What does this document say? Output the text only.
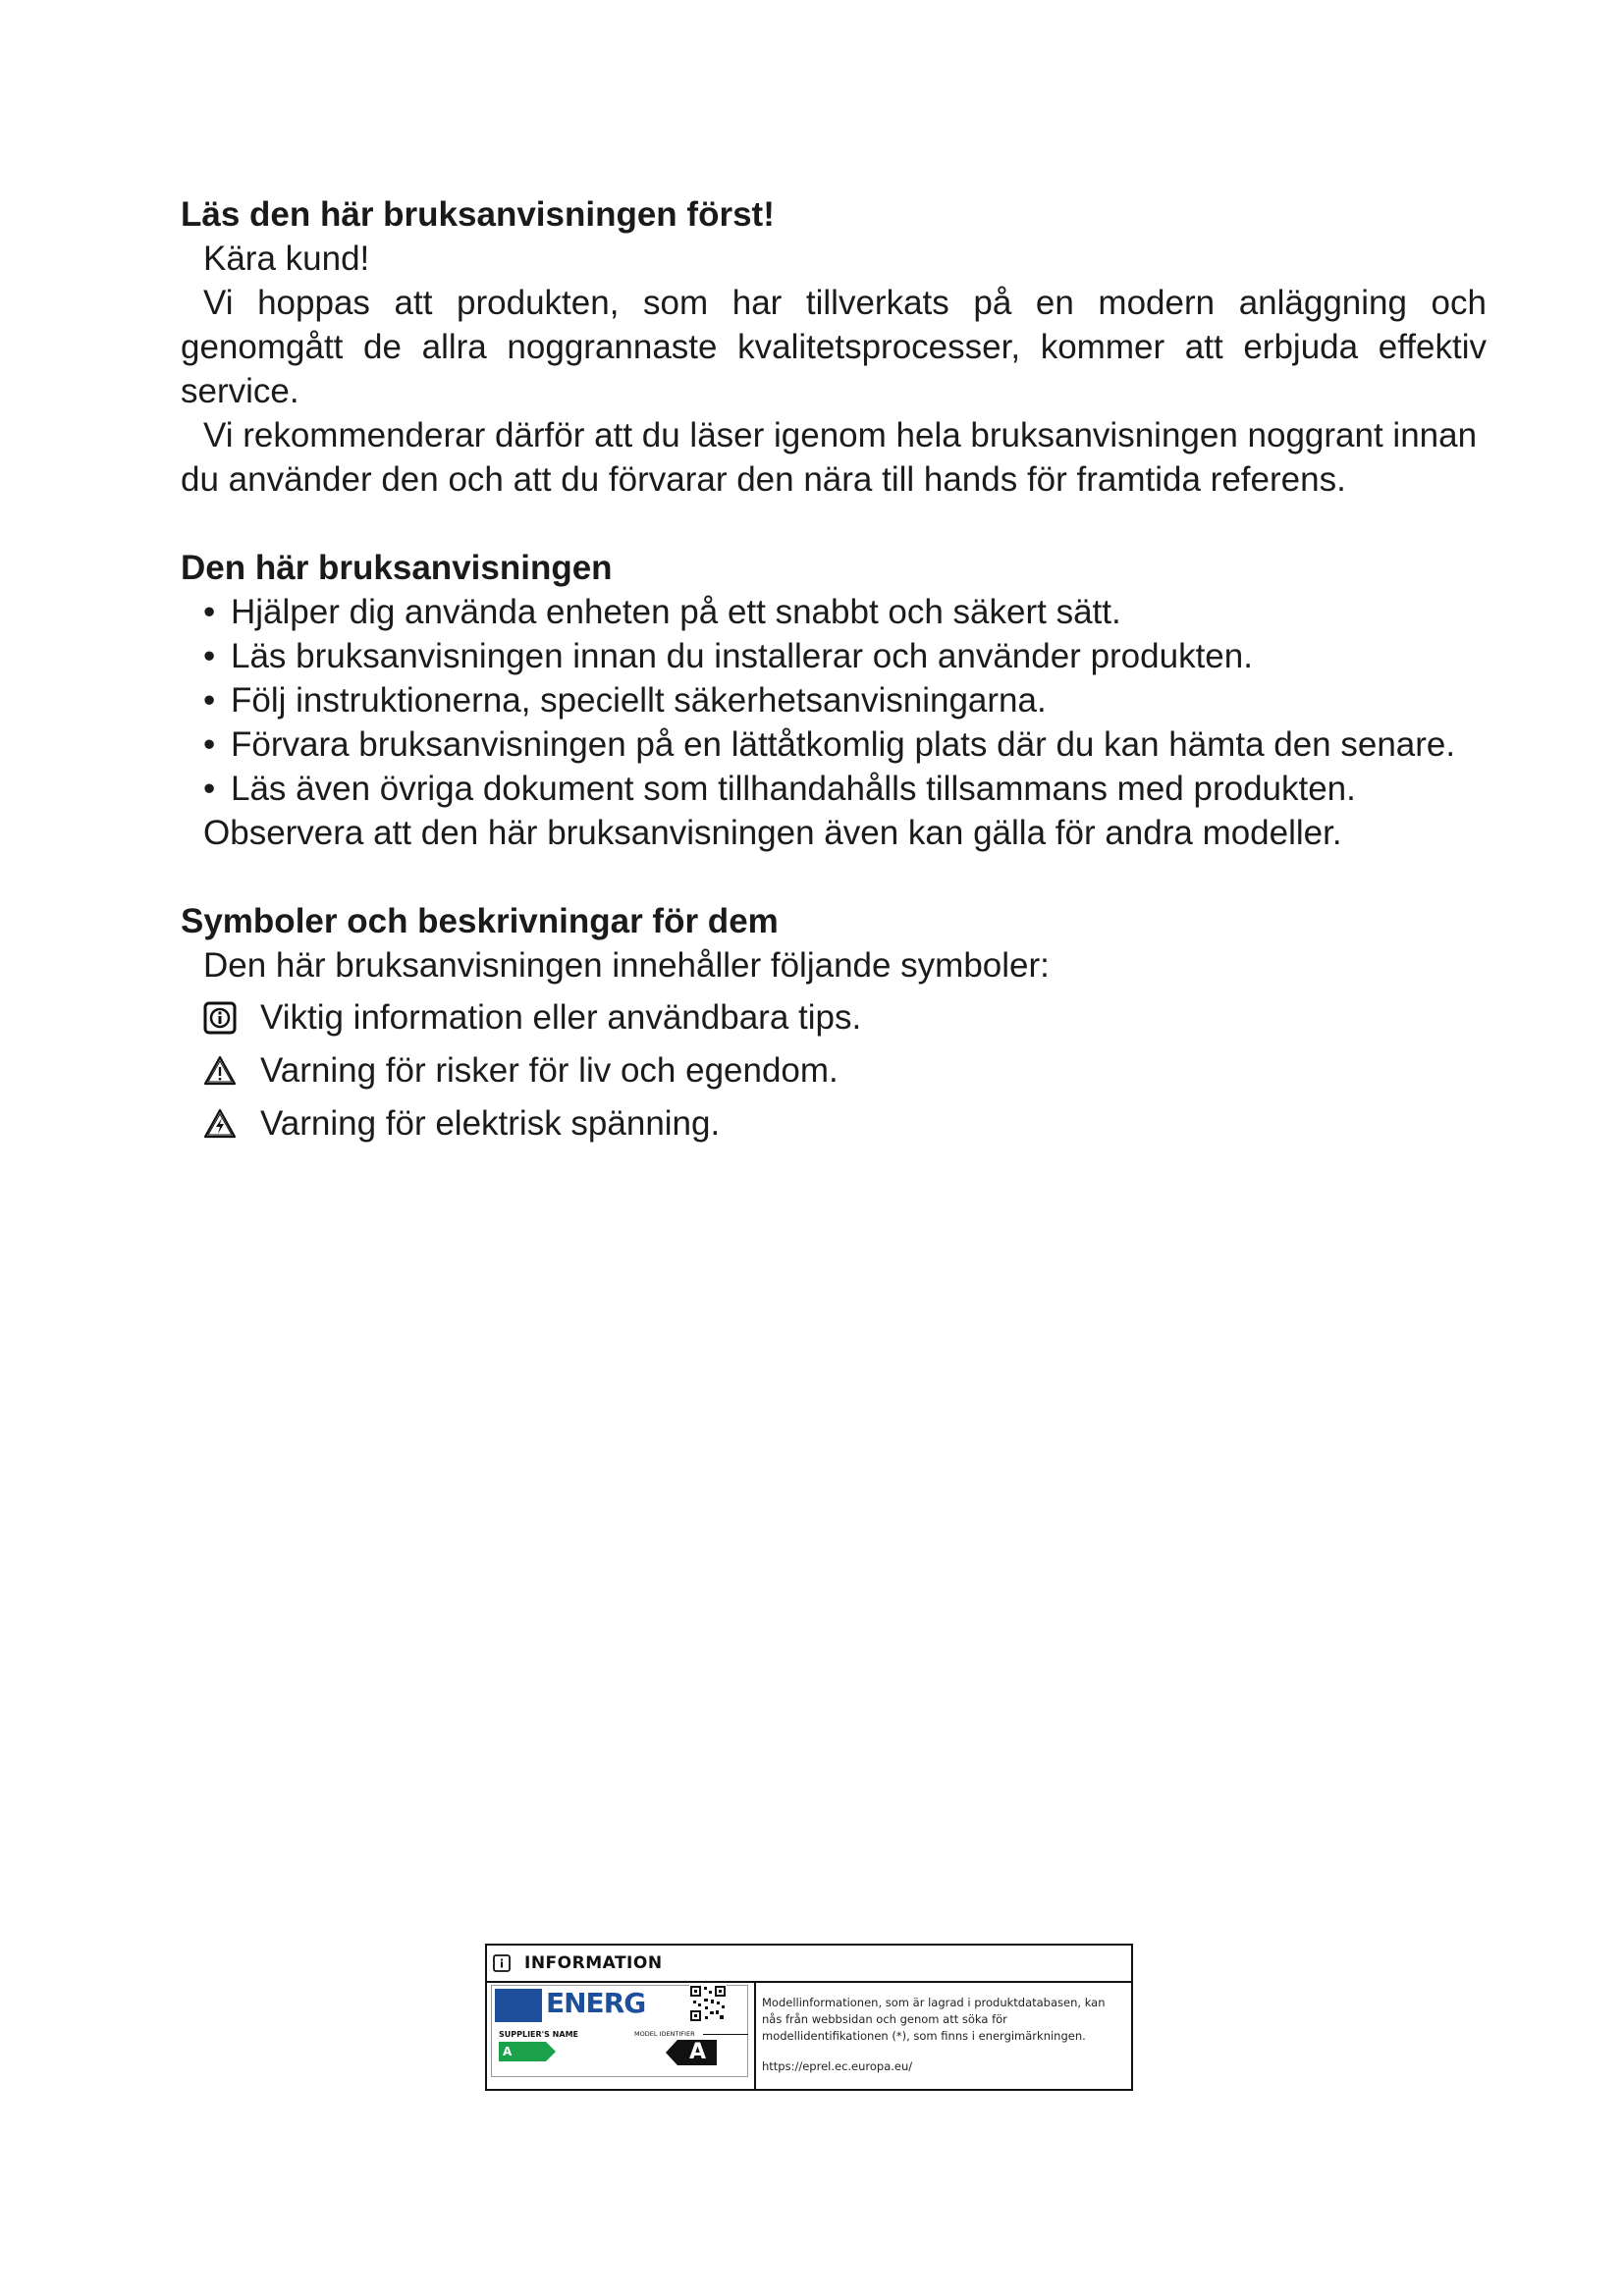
Läs den här bruksanvisningen först!

Kära kund!

Vi hoppas att produkten, som har tillverkats på en modern anläggning och genomgått de allra noggrannaste kvalitetsprocesser, kommer att erbjuda effektiv service.

Vi rekommenderar därför att du läser igenom hela bruksanvisningen noggrant innan du använder den och att du förvarar den nära till hands för framtida referens.

Den här bruksanvisningen
• Hjälper dig använda enheten på ett snabbt och säkert sätt.
• Läs bruksanvisningen innan du installerar och använder produkten.
• Följ instruktionerna, speciellt säkerhetsanvisningarna.
• Förvara bruksanvisningen på en lättåtkomlig plats där du kan hämta den senare.
• Läs även övriga dokument som tillhandahålls tillsammans med produkten.

Observera att den här bruksanvisningen även kan gälla för andra modeller.

Symboler och beskrivningar för dem

Den här bruksanvisningen innehåller följande symboler:

Viktig information eller användbara tips.
Varning för risker för liv och egendom.
Varning för elektrisk spänning.
INFORMATION
ENERG
SUPPLIER'S NAME	MODEL IDENTIFIER
A	A
Modellinformationen, som är lagrad i produktdatabasen, kan nås från webbsidan och genom att söka för modellidentifikationen (*), som finns i energimärkningen.
https://eprel.ec.europa.eu/
